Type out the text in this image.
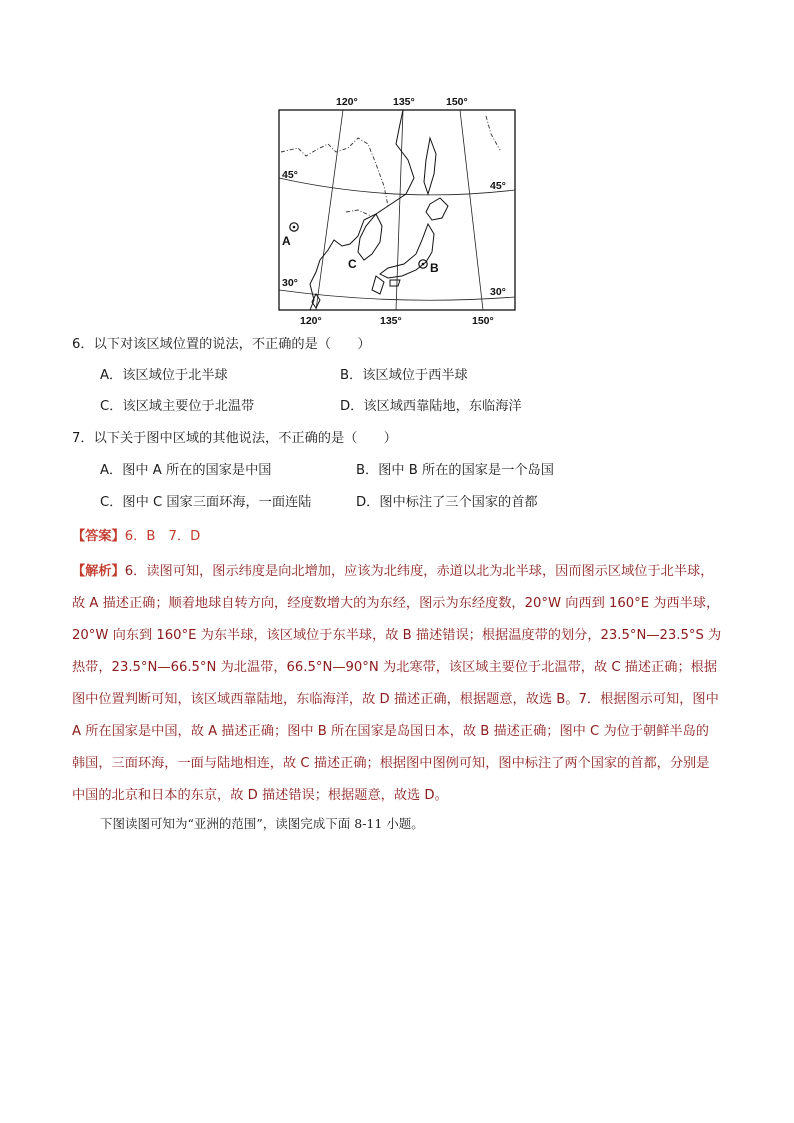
120°	135°	150°
120°	135°	150°
45°
30°
45°
30°
A
B
C
6．以下对该区域位置的说法，不正确的是（　　）
A．该区域位于北半球	B．该区域位于西半球
C．该区域主要位于北温带	D．该区域西靠陆地，东临海洋
7．以下关于图中区域的其他说法，不正确的是（　　）
A．图中 A 所在的国家是中国	B．图中 B 所在的国家是一个岛国
C．图中 C 国家三面环海，一面连陆	D．图中标注了三个国家的首都
【答案】6．B　7．D
【解析】6．读图可知，图示纬度是向北增加，应该为北纬度，赤道以北为北半球，因而图示区域位于北半球，故 A 描述正确；顺着地球自转方向，经度数增大的为东经，图示为东经度数，20°W 向西到 160°E 为西半球，20°W 向东到 160°E 为东半球，该区域位于东半球，故 B 描述错误；根据温度带的划分，23.5°N—23.5°S 为热带，23.5°N—66.5°N 为北温带，66.5°N—90°N 为北寒带，该区域主要位于北温带，故 C 描述正确；根据图中位置判断可知，该区域西靠陆地，东临海洋，故 D 描述正确，根据题意，故选 B。7．根据图示可知，图中 A 所在国家是中国，故 A 描述正确；图中 B 所在国家是岛国日本，故 B 描述正确；图中 C 为位于朝鲜半岛的韩国，三面环海，一面与陆地相连，故 C 描述正确；根据图中图例可知，图中标注了两个国家的首都，分别是中国的北京和日本的东京，故 D 描述错误；根据题意，故选 D。
下图读图可知为“亚洲的范围”，读图完成下面 8-11 小题。
